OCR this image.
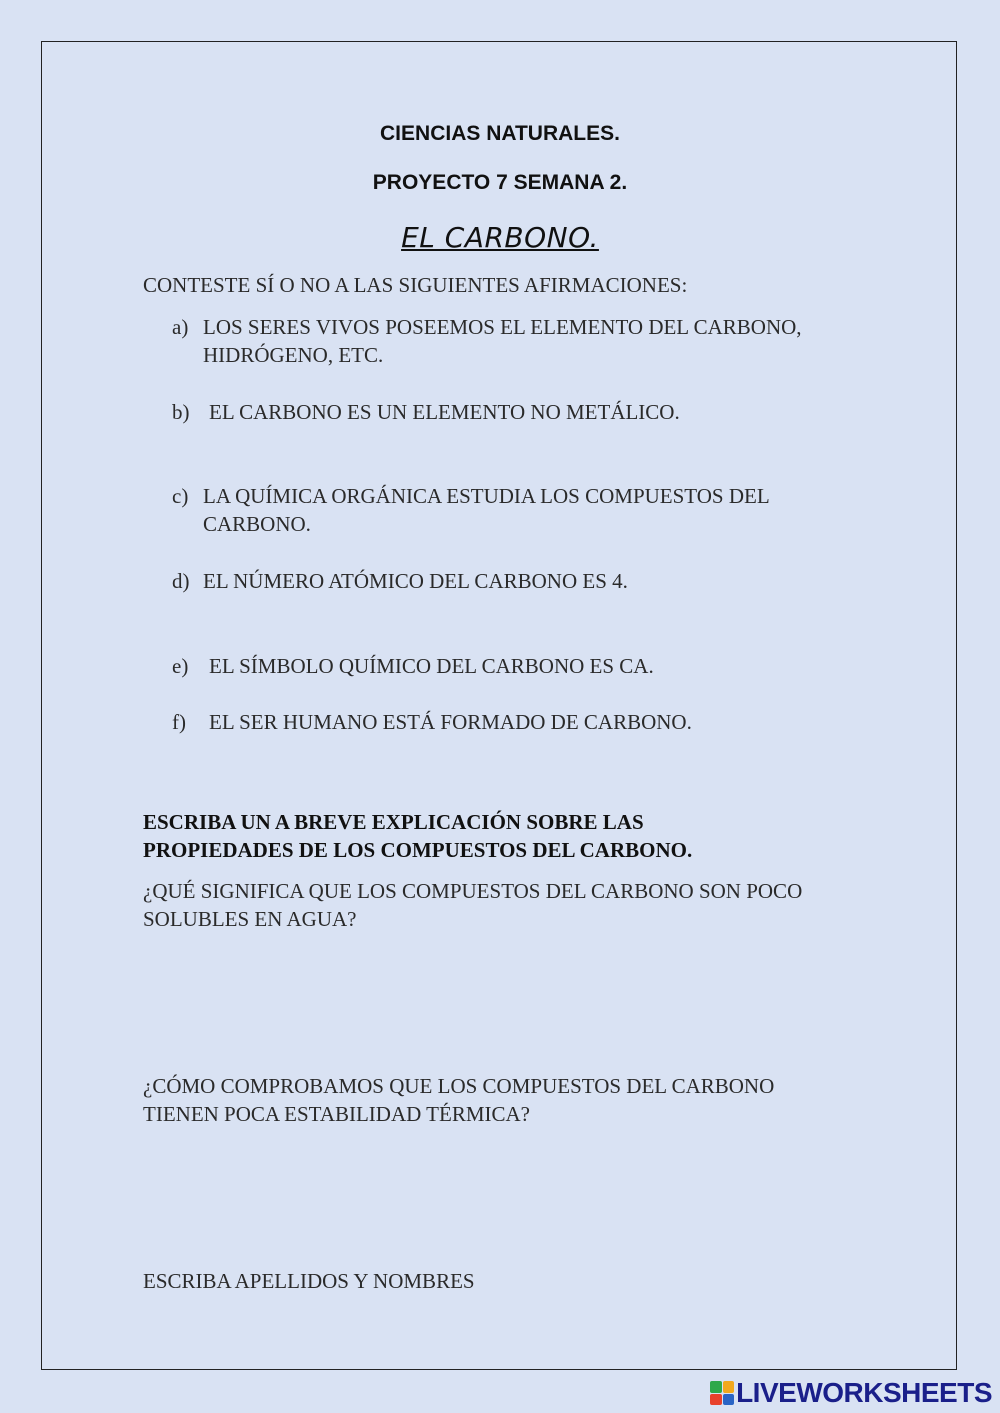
CIENCIAS NATURALES.

PROYECTO 7 SEMANA 2.

EL CARBONO.

CONTESTE SÍ O NO A LAS SIGUIENTES AFIRMACIONES:

a) LOS SERES VIVOS POSEEMOS EL ELEMENTO DEL CARBONO, HIDRÓGENO, ETC.
b) EL CARBONO ES UN ELEMENTO NO METÁLICO.
c) LA QUÍMICA ORGÁNICA ESTUDIA LOS COMPUESTOS DEL CARBONO.
d) EL NÚMERO ATÓMICO DEL CARBONO ES 4.
e) EL SÍMBOLO QUÍMICO DEL CARBONO ES CA.
f) EL SER HUMANO ESTÁ FORMADO DE CARBONO.

ESCRIBA UN A BREVE EXPLICACIÓN SOBRE LAS PROPIEDADES DE LOS COMPUESTOS DEL CARBONO.

¿QUÉ SIGNIFICA QUE LOS COMPUESTOS DEL CARBONO SON POCO SOLUBLES EN AGUA?

¿CÓMO COMPROBAMOS QUE LOS COMPUESTOS DEL CARBONO TIENEN POCA ESTABILIDAD TÉRMICA?

ESCRIBA APELLIDOS Y NOMBRES

LIVEWORKSHEETS
